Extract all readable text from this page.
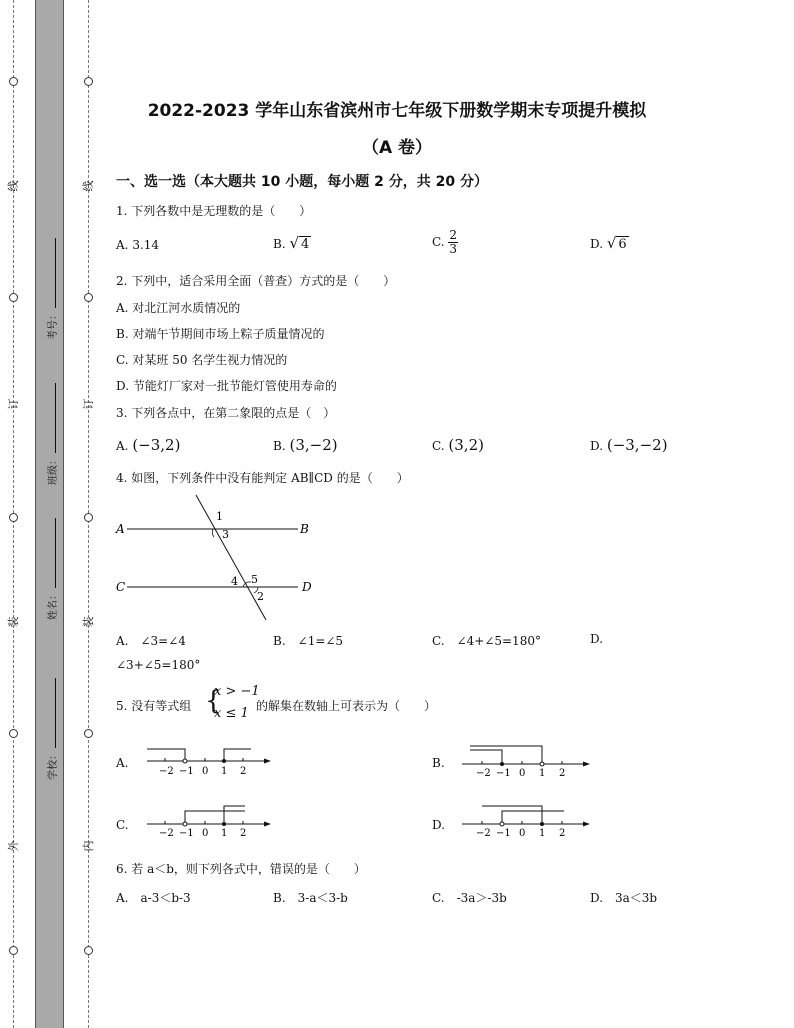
线
订
装
外
线
订
装
内
考号：
班级：
姓名：
学校：
2022-2023 学年山东省滨州市七年级下册数学期末专项提升模拟
（A 卷）
一、选一选（本大题共 10 小题，每小题 2 分，共 20 分）
1. 下列各数中是无理数的是（　　）
A. 3.14	B. √ 4	C. $\frac{2}{3}$	D. √ 6
2. 下列中，适合采用全面（普查）方式的是（　　）
A. 对北江河水质情况的
B. 对端午节期间市场上粽子质量情况的
C. 对某班 50 名学生视力情况的
D. 节能灯厂家对一批节能灯管使用寿命的
3. 下列各点中，在第二象限的点是（　）
A. (−3,2)	B. (3,−2)	C. (3,2)	D. (−3,−2)
4. 如图，下列条件中没有能判定 AB∥CD 的是（　　）
A	B
C	D
1
3
4 5
2
A.　∠3=∠4	B.　∠1=∠5	C.　∠4+∠5=180°	D.
∠3+∠5=180°
5. 没有等式组 {
x > −1
x ≤ 1 的解集在数轴上可表示为（　　）
A.	B.
C.	D.
−2 −1 0 1 2	−2 −1 0 1 2
−2 −1 0 1 2	−2 −1 0 1 2
6. 若 a＜b，则下列各式中，错误的是（　　）
A.　a-3＜b-3	B.　3-a＜3-b	C.　-3a＞-3b	D.　3a＜3b
